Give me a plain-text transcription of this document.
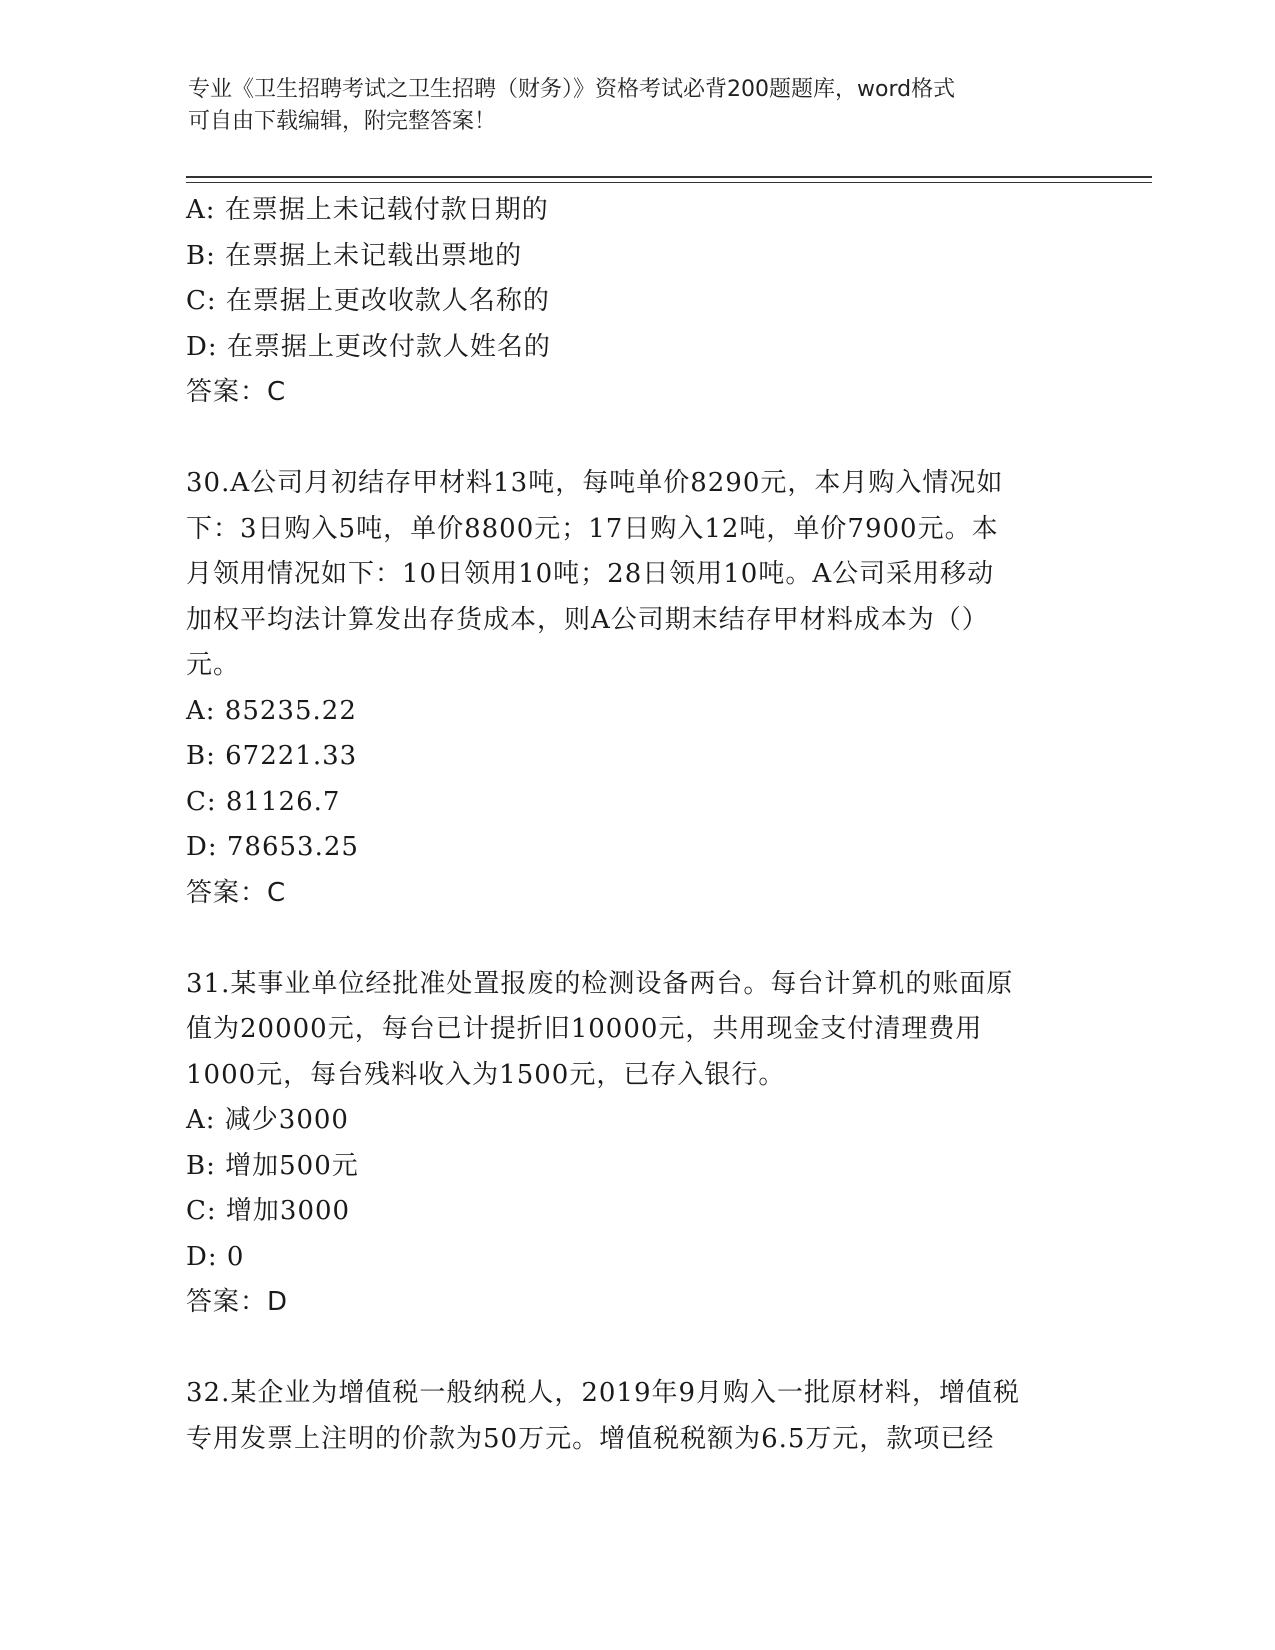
专业《卫生招聘考试之卫生招聘（财务）》资格考试必背200题题库，word格式

可自由下载编辑，附完整答案！

A: 在票据上未记载付款日期的
B: 在票据上未记载出票地的
C: 在票据上更改收款人名称的
D: 在票据上更改付款人姓名的
答案：C
30.A公司月初结存甲材料13吨，每吨单价8290元，本月购入情况如
下：3日购入5吨，单价8800元；17日购入12吨，单价7900元。本
月领用情况如下：10日领用10吨；28日领用10吨。A公司采用移动
加权平均法计算发出存货成本，则A公司期末结存甲材料成本为（）
元。
A: 85235.22
B: 67221.33
C: 81126.7
D: 78653.25
答案：C
31.某事业单位经批准处置报废的检测设备两台。每台计算机的账面原
值为20000元，每台已计提折旧10000元，共用现金支付清理费用
1000元，每台残料收入为1500元，已存入银行。
A: 减少3000
B: 增加500元
C: 增加3000
D: 0
答案：D
32.某企业为增值税一般纳税人，2019年9月购入一批原材料，增值税
专用发票上注明的价款为50万元。增值税税额为6.5万元，款项已经
